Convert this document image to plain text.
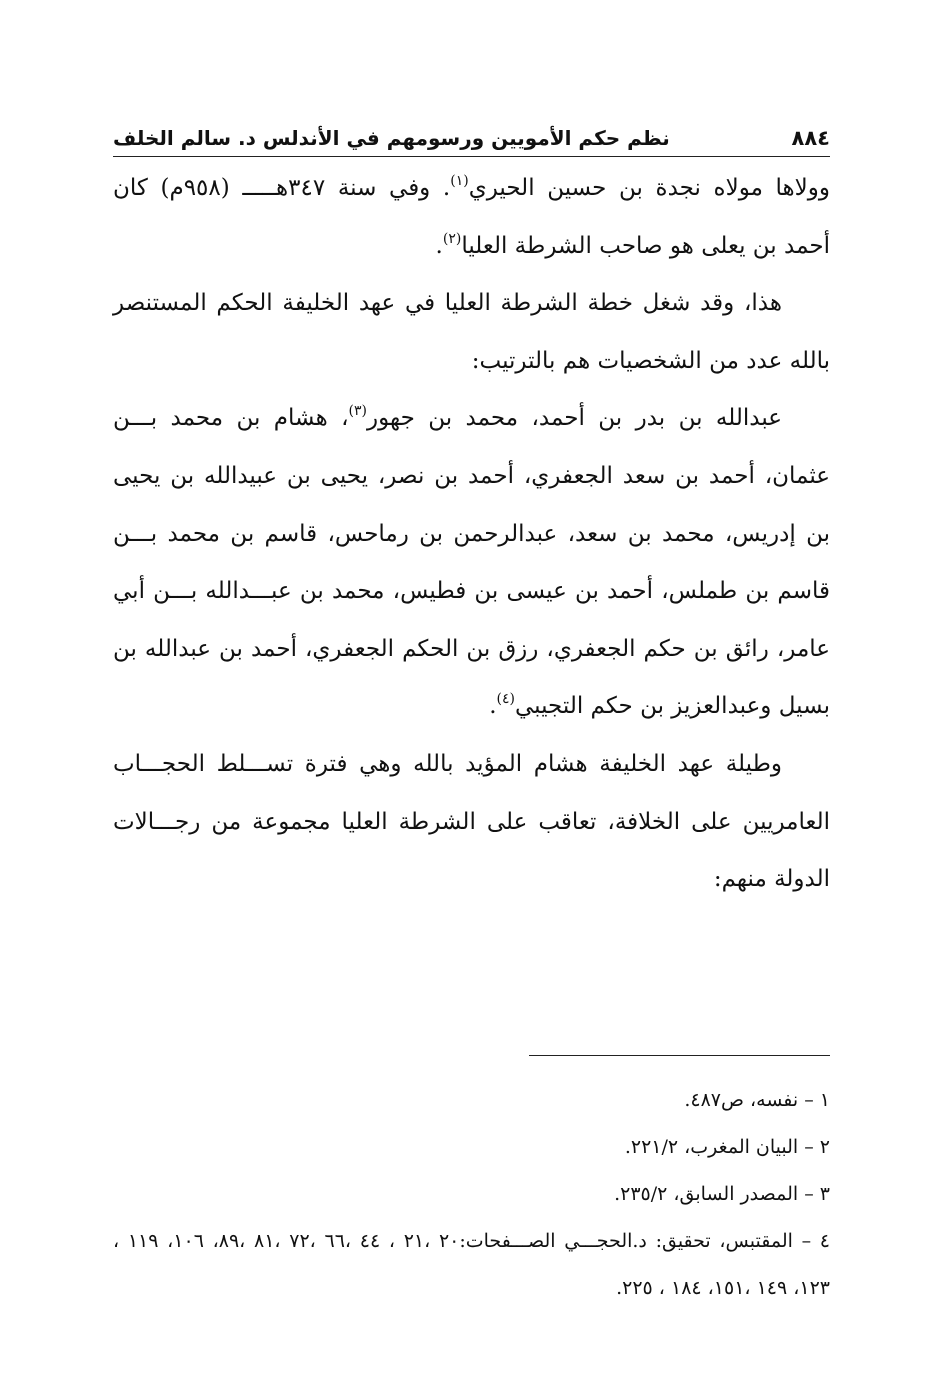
٨٨٤
نظم حكم الأمويين ورسومهم في الأندلس د. سالم الخلف

وولاها مولاه نجدة بن حسين الحيري$^{(١)}$. وفي سنة ٣٤٧هـــــ (٩٥٨م) كان أحمد بن يعلى هو صاحب الشرطة العليا$^{(٢)}$.

هذا، وقد شغل خطة الشرطة العليا في عهد الخليفة الحكم المستنصر بالله عدد من الشخصيات هم بالترتيب:

عبدالله بن بدر بن أحمد، محمد بن جهور$^{(٣)}$، هشام بن محمد بـــن عثمان، أحمد بن سعد الجعفري، أحمد بن نصر، يحيى بن عبيدالله بن يحيى بن إدريس، محمد بن سعد، عبدالرحمن بن رماحس، قاسم بن محمد بـــن قاسم بن طملس، أحمد بن عيسى بن فطيس، محمد بن عبـــدالله بـــن أبي عامر، رائق بن حكم الجعفري، رزق بن الحكم الجعفري، أحمد بن عبدالله بن بسيل وعبدالعزيز بن حكم التجيبي$^{(٤)}$.

وطيلة عهد الخليفة هشام المؤيد بالله وهي فترة تســـلط الحجـــاب العامريين على الخلافة، تعاقب على الشرطة العليا مجموعة من رجـــالات الدولة منهم:

١ – نفسه، ص٤٨٧.

٢ – البيان المغرب، ٢٢١/٢.

٣ – المصدر السابق، ٢٣٥/٢.

٤ – المقتبس، تحقيق: د.الحجـــي الصـــفحات:٢٠ ،٢١ ، ٤٤ ،٦٦ ،٧٢ ،٨١ ،٨٩، ١٠٦، ١١٩ ، ١٢٣، ١٤٩ ،١٥١، ١٨٤ ، ٢٢٥.
